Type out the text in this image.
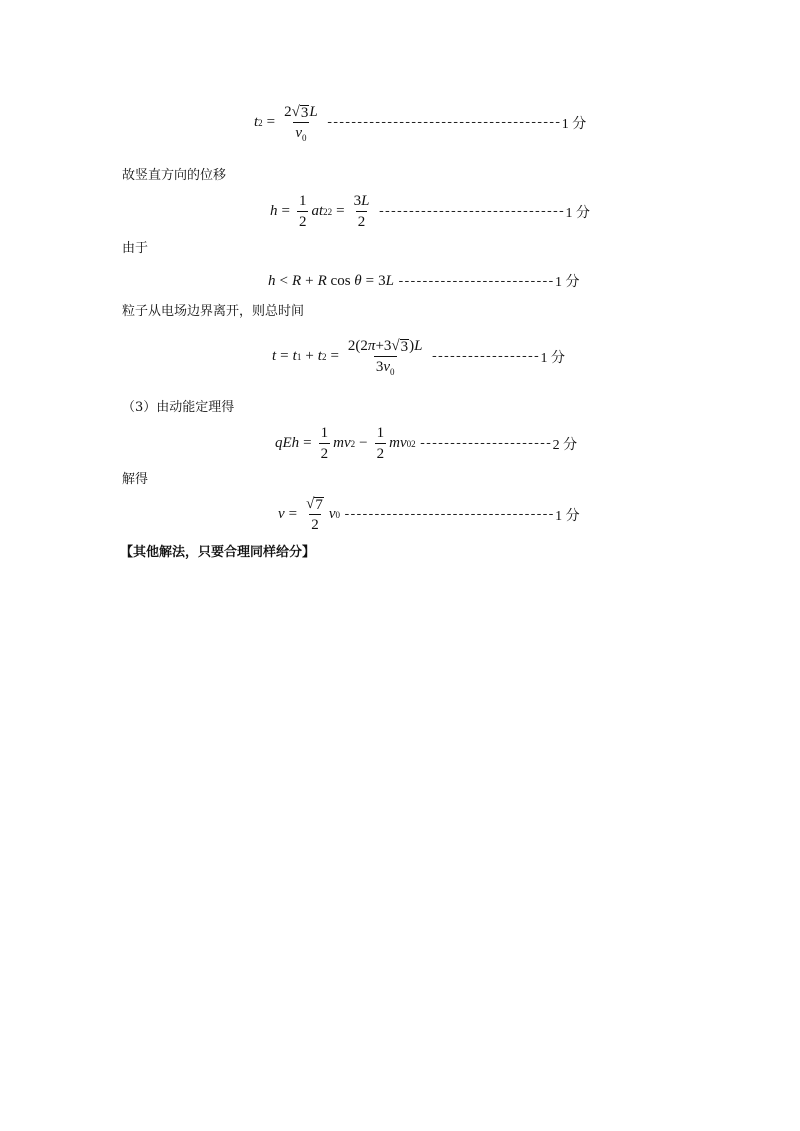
t $2 = \frac{2 √ 3 L}{v_0}$ --------------------------------------- 1 分
故竖直方向的位移
$h = \frac{1}{2}$ at 2 $2 = \frac{3L}{2}$ ------------------------------- 1 分
由于
h < R + R
cos
θ = 3 L -------------------------- 1 分
粒子从电场边界离开，则总时间
t = t 1 + t $2 = \frac{2(2\pi+3 √ 3 )L}{3v_0}$ ------------------ 1 分
（3）由动能定理得
qEh = $\frac{1}{2}$ mv $2 - \frac{1}{2}$ mv 0 2 ---------------------- 2 分
解得
$v = \frac{√ 7}{2}$ v 0 ----------------------------------- 1 分
【其他解法，只要合理同样给分】
